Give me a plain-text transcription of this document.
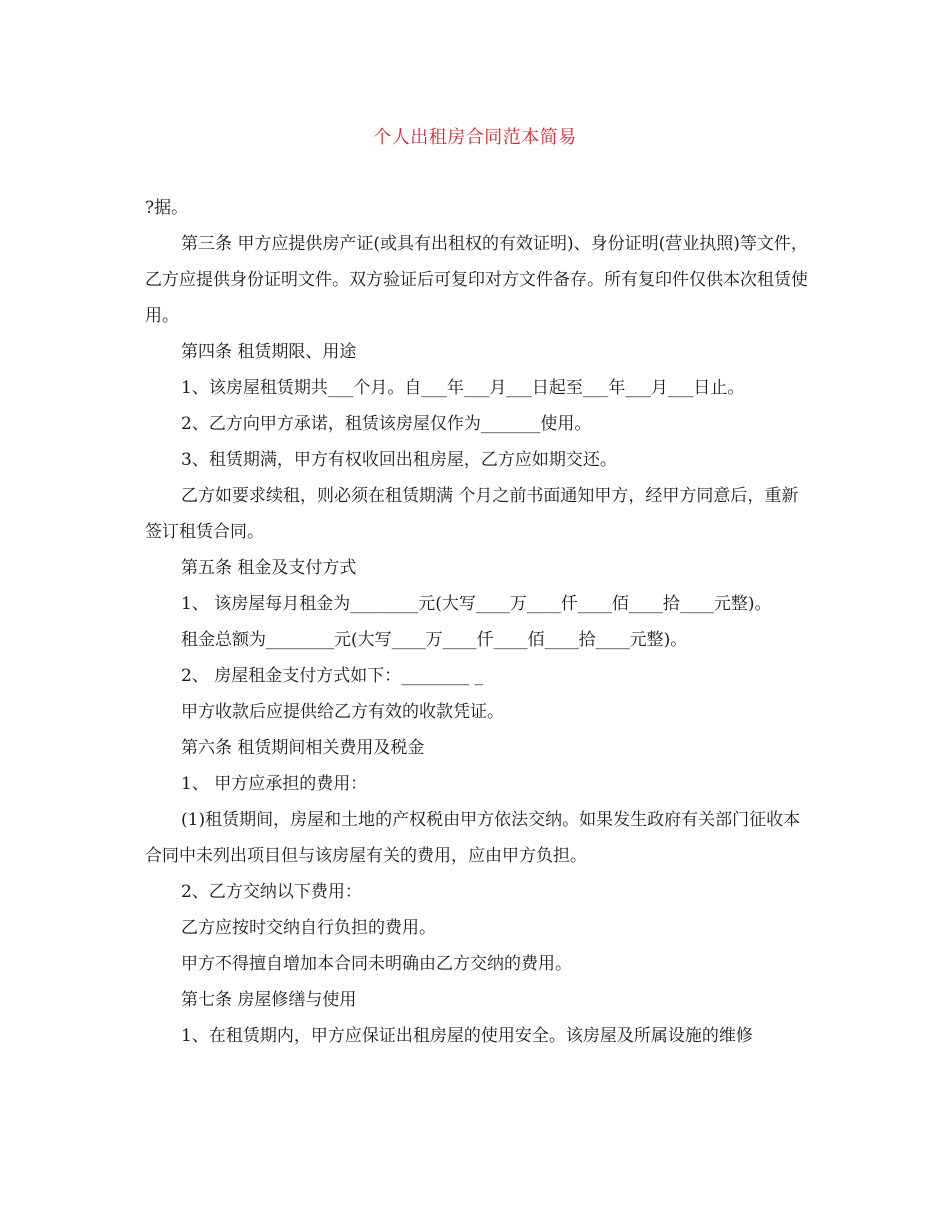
个人出租房合同范本简易

?据。

第三条 甲方应提供房产证(或具有出租权的有效证明)、身份证明(营业执照)等文件，乙方应提供身份证明文件。双方验证后可复印对方文件备存。所有复印件仅供本次租赁使用。

第四条 租赁期限、用途

1、该房屋租赁期共___个月。自___年___月___日起至___年___月___日止。

2、乙方向甲方承诺，租赁该房屋仅作为_______使用。

3、租赁期满，甲方有权收回出租房屋，乙方应如期交还。

乙方如要求续租，则必须在租赁期满 个月之前书面通知甲方，经甲方同意后，重新签订租赁合同。

第五条 租金及支付方式

1、 该房屋每月租金为________元(大写____万____仟____佰____拾____元整)。

租金总额为________元(大写____万____仟____佰____拾____元整)。

2、 房屋租金支付方式如下：________ _

甲方收款后应提供给乙方有效的收款凭证。

第六条 租赁期间相关费用及税金

1、 甲方应承担的费用：

(1)租赁期间，房屋和土地的产权税由甲方依法交纳。如果发生政府有关部门征收本合同中未列出项目但与该房屋有关的费用，应由甲方负担。

2、乙方交纳以下费用：

乙方应按时交纳自行负担的费用。

甲方不得擅自增加本合同未明确由乙方交纳的费用。

第七条 房屋修缮与使用

1、在租赁期内，甲方应保证出租房屋的使用安全。该房屋及所属设施的维修
